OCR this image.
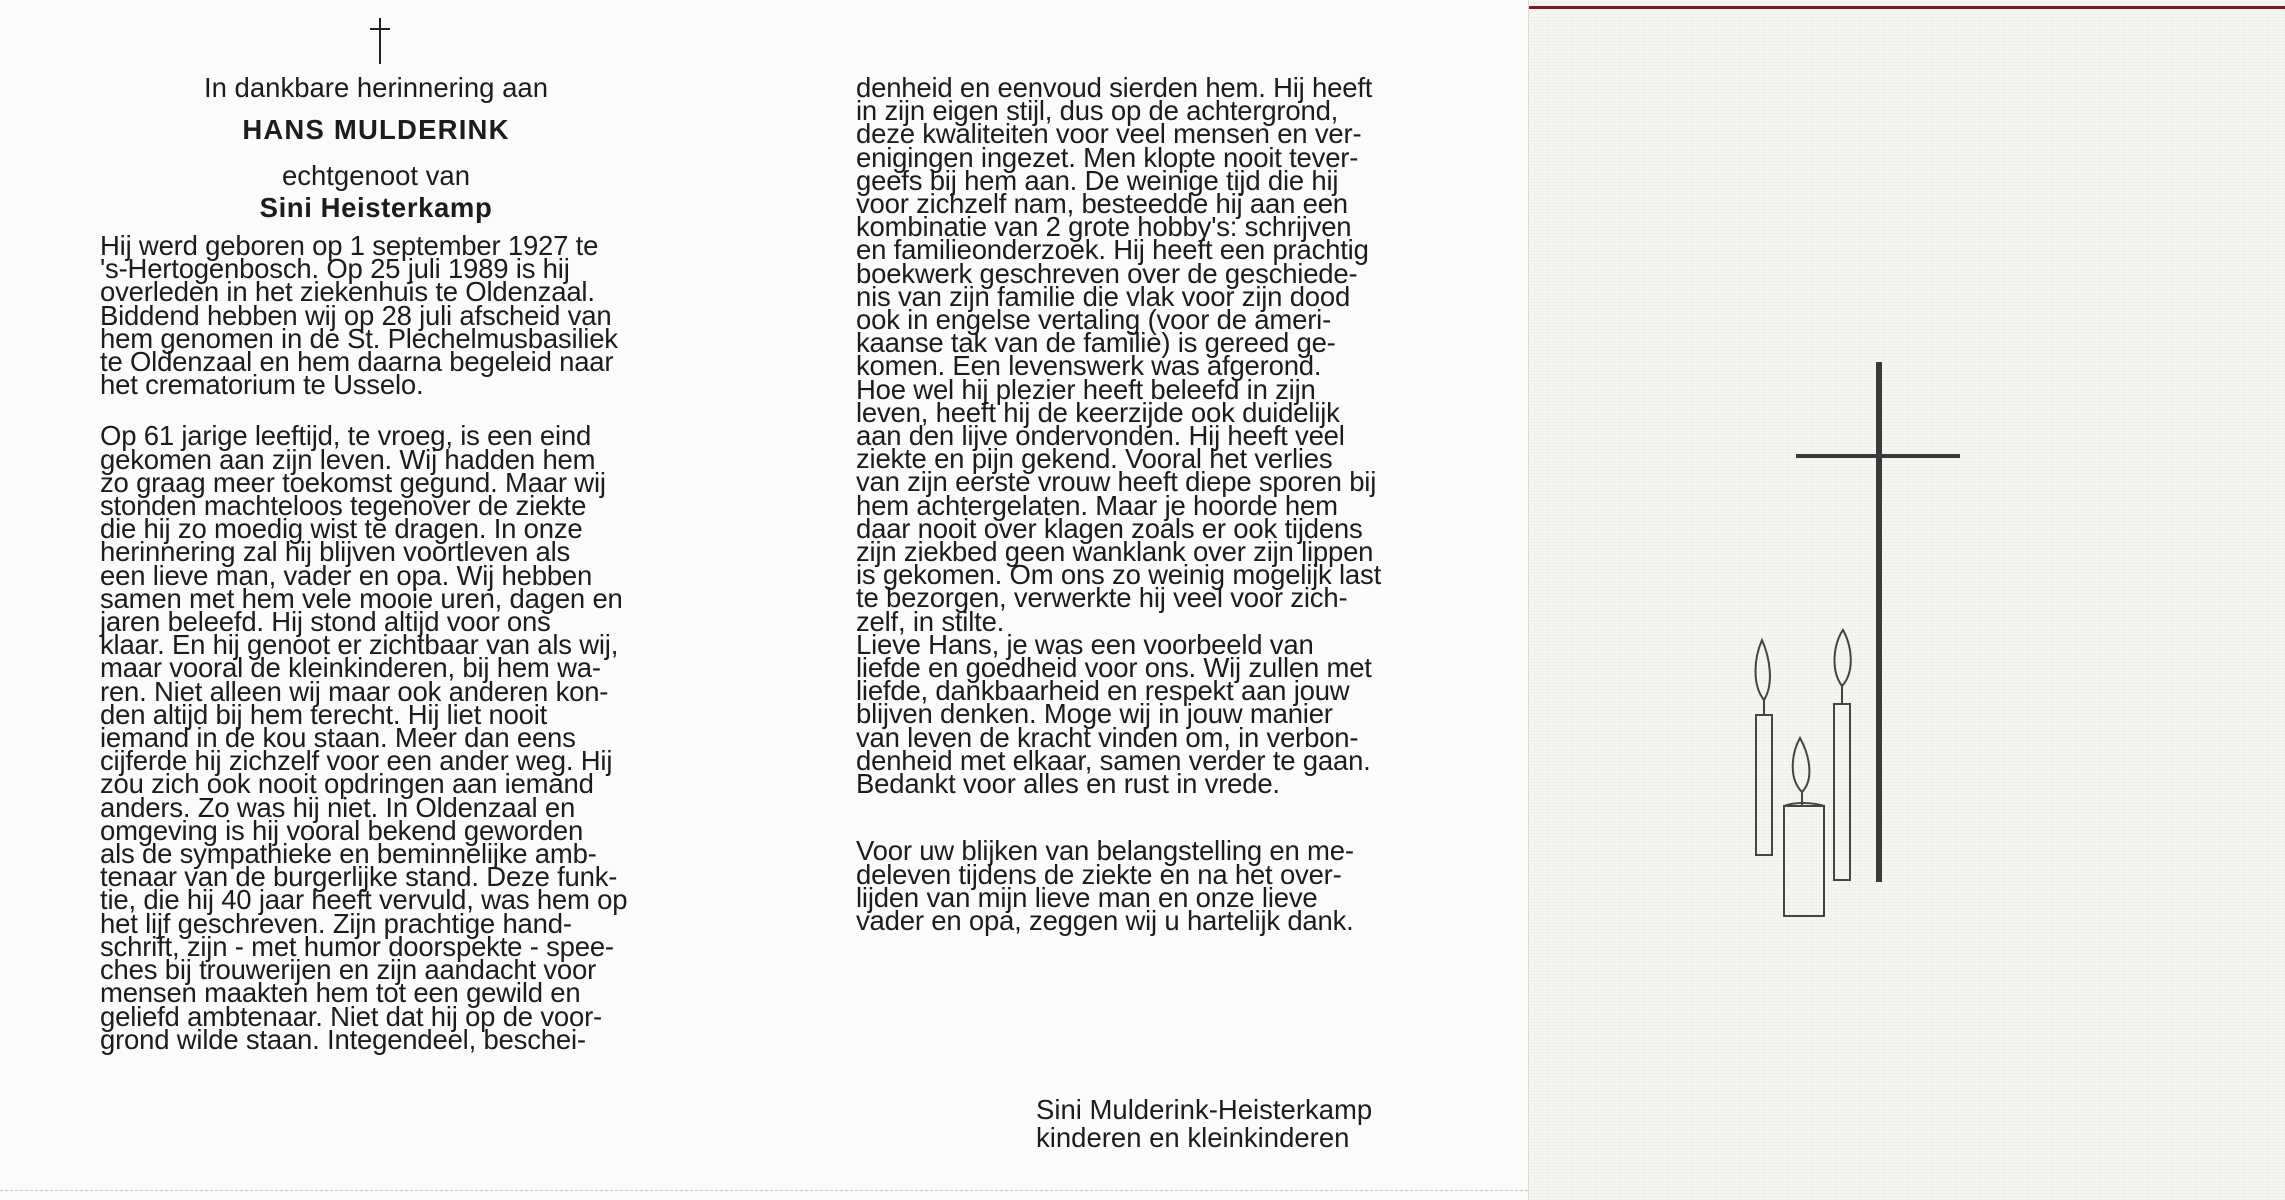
In dankbare herinnering aan
HANS MULDERINK
echtgenoot van
Sini Heisterkamp

Hij werd geboren op 1 september 1927 te
's-Hertogenbosch. Op 25 juli 1989 is hij
overleden in het ziekenhuis te Oldenzaal.
Biddend hebben wij op 28 juli afscheid van
hem genomen in de St. Plechelmusbasiliek
te Oldenzaal en hem daarna begeleid naar
het crematorium te Usselo.

Op 61 jarige leeftijd, te vroeg, is een eind
gekomen aan zijn leven. Wij hadden hem
zo graag meer toekomst gegund. Maar wij
stonden machteloos tegenover de ziekte
die hij zo moedig wist te dragen. In onze
herinnering zal hij blijven voortleven als
een lieve man, vader en opa. Wij hebben
samen met hem vele mooie uren, dagen en
jaren beleefd. Hij stond altijd voor ons
klaar. En hij genoot er zichtbaar van als wij,
maar vooral de kleinkinderen, bij hem wa-
ren. Niet alleen wij maar ook anderen kon-
den altijd bij hem terecht. Hij liet nooit
iemand in de kou staan. Meer dan eens
cijferde hij zichzelf voor een ander weg. Hij
zou zich ook nooit opdringen aan iemand
anders. Zo was hij niet. In Oldenzaal en
omgeving is hij vooral bekend geworden
als de sympathieke en beminnelijke amb-
tenaar van de burgerlijke stand. Deze funk-
tie, die hij 40 jaar heeft vervuld, was hem op
het lijf geschreven. Zijn prachtige hand-
schrift, zijn - met humor doorspekte - spee-
ches bij trouwerijen en zijn aandacht voor
mensen maakten hem tot een gewild en
geliefd ambtenaar. Niet dat hij op de voor-
grond wilde staan. Integendeel, beschei-

denheid en eenvoud sierden hem. Hij heeft
in zijn eigen stijl, dus op de achtergrond,
deze kwaliteiten voor veel mensen en ver-
enigingen ingezet. Men klopte nooit tever-
geefs bij hem aan. De weinige tijd die hij
voor zichzelf nam, besteedde hij aan een
kombinatie van 2 grote hobby's: schrijven
en familieonderzoek. Hij heeft een prachtig
boekwerk geschreven over de geschiede-
nis van zijn familie die vlak voor zijn dood
ook in engelse vertaling (voor de ameri-
kaanse tak van de familie) is gereed ge-
komen. Een levenswerk was afgerond.
Hoe wel hij plezier heeft beleefd in zijn
leven, heeft hij de keerzijde ook duidelijk
aan den lijve ondervonden. Hij heeft veel
ziekte en pijn gekend. Vooral het verlies
van zijn eerste vrouw heeft diepe sporen bij
hem achtergelaten. Maar je hoorde hem
daar nooit over klagen zoals er ook tijdens
zijn ziekbed geen wanklank over zijn lippen
is gekomen. Om ons zo weinig mogelijk last
te bezorgen, verwerkte hij veel voor zich-
zelf, in stilte.
Lieve Hans, je was een voorbeeld van
liefde en goedheid voor ons. Wij zullen met
liefde, dankbaarheid en respekt aan jouw
blijven denken. Moge wij in jouw manier
van leven de kracht vinden om, in verbon-
denheid met elkaar, samen verder te gaan.
Bedankt voor alles en rust in vrede.

Voor uw blijken van belangstelling en me-
deleven tijdens de ziekte en na het over-
lijden van mijn lieve man en onze lieve
vader en opa, zeggen wij u hartelijk dank.

Sini Mulderink-Heisterkamp
kinderen en kleinkinderen
